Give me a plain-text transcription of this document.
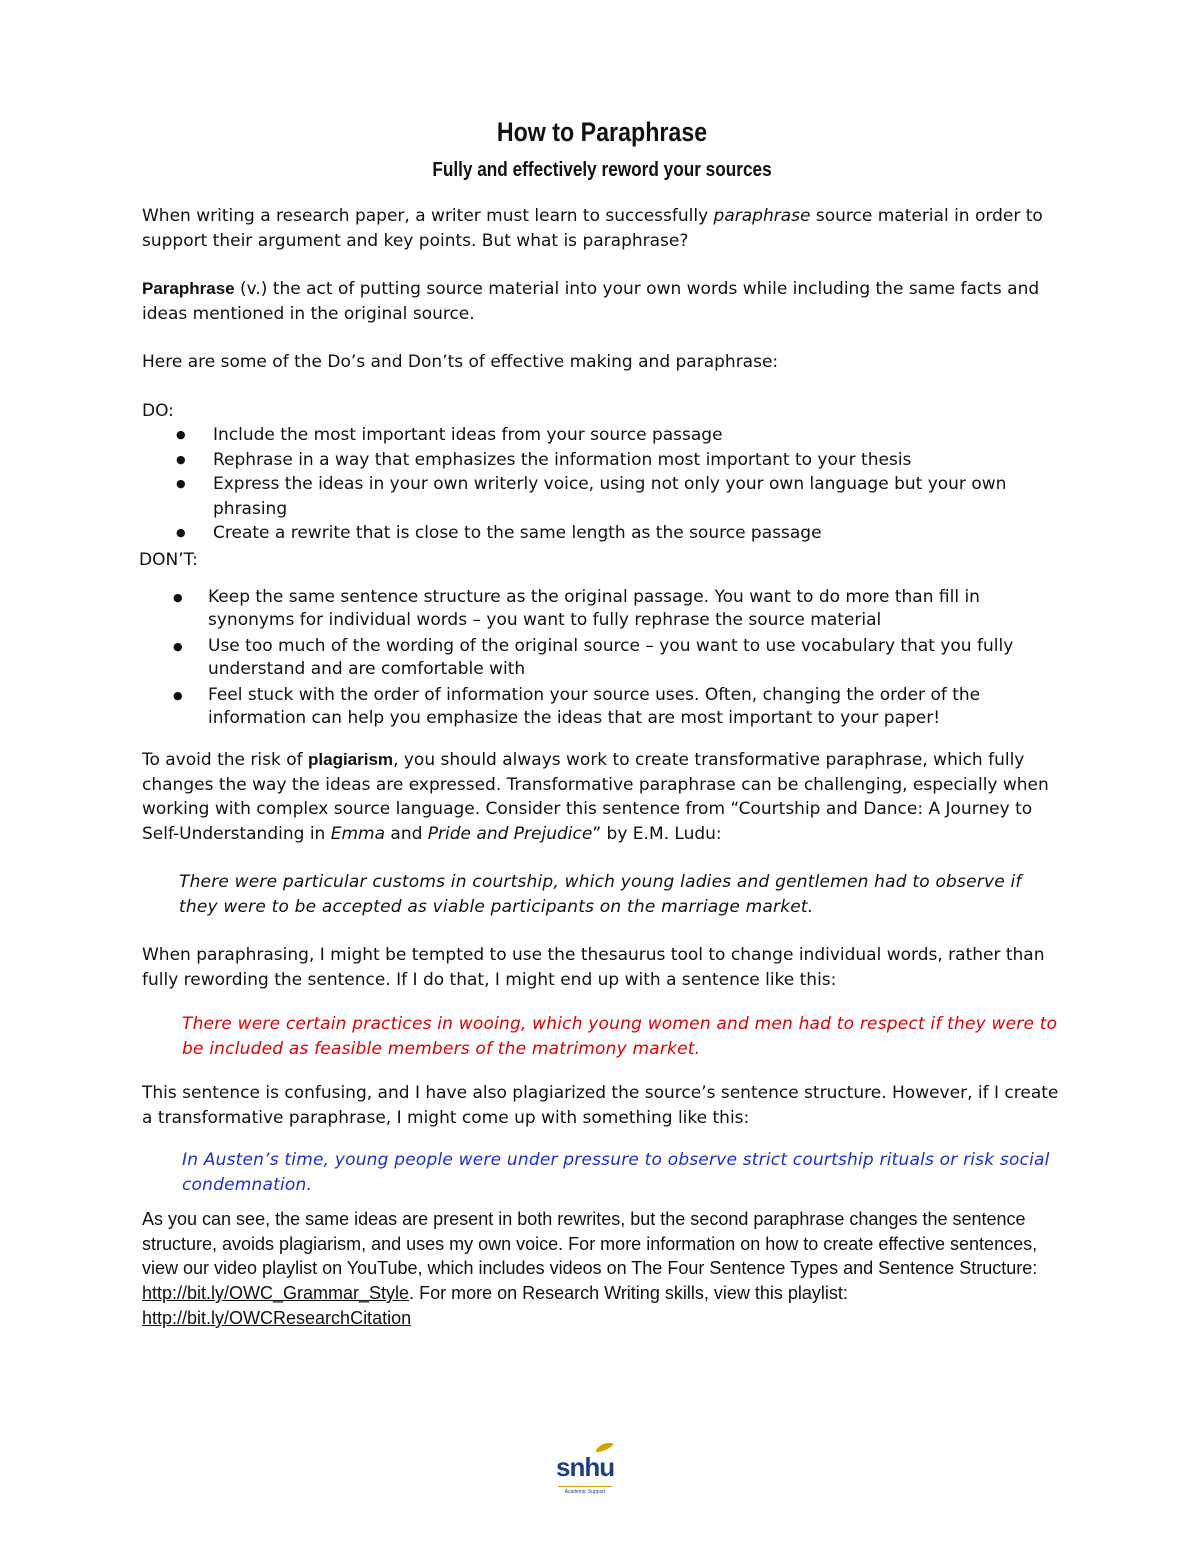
How to Paraphrase
Fully and effectively reword your sources

When writing a research paper, a writer must learn to successfully paraphrase source material in order to support their argument and key points. But what is paraphrase?

Paraphrase (v.) the act of putting source material into your own words while including the same facts and ideas mentioned in the original source.

Here are some of the Do’s and Don’ts of effective making and paraphrase:

DO:

● Include the most important ideas from your source passage
● Rephrase in a way that emphasizes the information most important to your thesis
● Express the ideas in your own writerly voice, using not only your own language but your own phrasing
● Create a rewrite that is close to the same length as the source passage

DON’T:

● Keep the same sentence structure as the original passage. You want to do more than fill in synonyms for individual words – you want to fully rephrase the source material
● Use too much of the wording of the original source – you want to use vocabulary that you fully understand and are comfortable with
● Feel stuck with the order of information your source uses. Often, changing the order of the information can help you emphasize the ideas that are most important to your paper!

To avoid the risk of plagiarism, you should always work to create transformative paraphrase, which fully changes the way the ideas are expressed. Transformative paraphrase can be challenging, especially when working with complex source language. Consider this sentence from “Courtship and Dance: A Journey to Self-Understanding in Emma and Pride and Prejudice” by E.M. Ludu:

There were particular customs in courtship, which young ladies and gentlemen had to observe if they were to be accepted as viable participants on the marriage market.

When paraphrasing, I might be tempted to use the thesaurus tool to change individual words, rather than fully rewording the sentence. If I do that, I might end up with a sentence like this:

There were certain practices in wooing, which young women and men had to respect if they were to be included as feasible members of the matrimony market.

This sentence is confusing, and I have also plagiarized the source’s sentence structure. However, if I create a transformative paraphrase, I might come up with something like this:

In Austen’s time, young people were under pressure to observe strict courtship rituals or risk social condemnation.

As you can see, the same ideas are present in both rewrites, but the second paraphrase changes the sentence structure, avoids plagiarism, and uses my own voice. For more information on how to create effective sentences, view our video playlist on YouTube, which includes videos on The Four Sentence Types and Sentence Structure: http://bit.ly/OWC_Grammar_Style. For more on Research Writing skills, view this playlist: http://bit.ly/OWCResearchCitation

snhu
Academic Support
